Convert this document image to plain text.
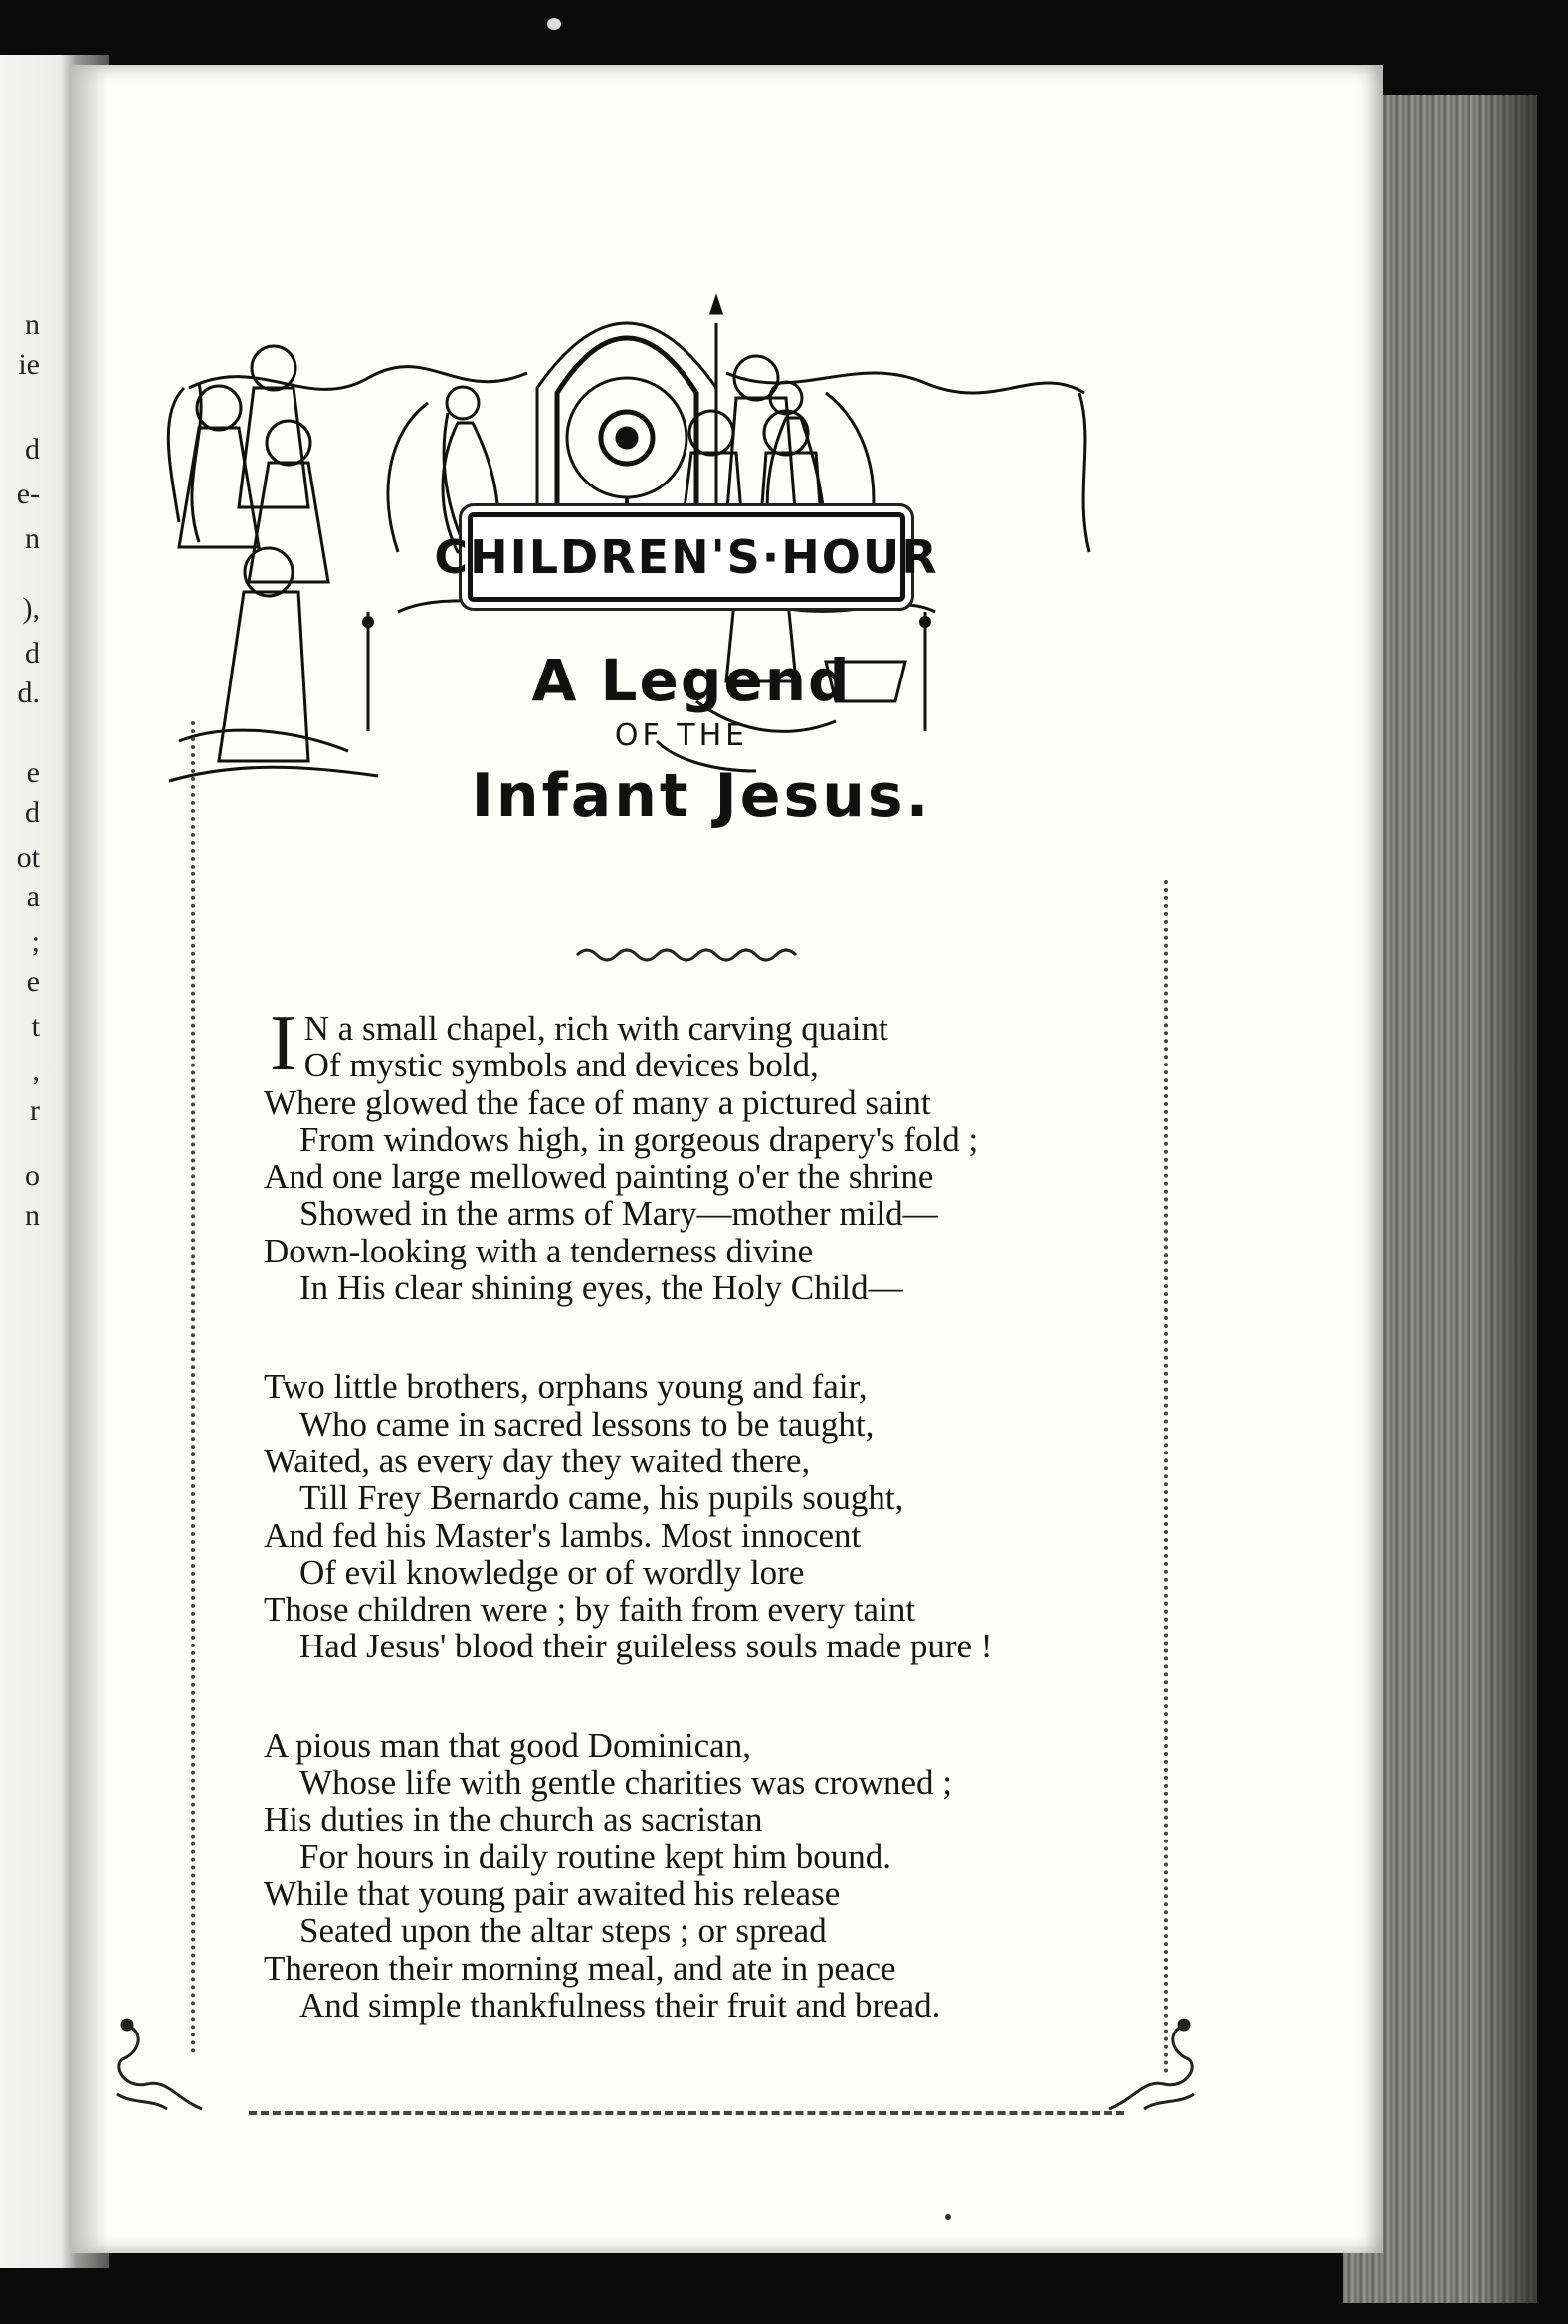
n
ie
d
e-
n
),
d
d.
e
d
ot
a
;
e
t
,
r
o
n
CHILDREN'S·HOUR
A Legend
OF THE
Infant Jesus.
I N a small chapel, rich with carving quaint
Of mystic symbols and devices bold,
Where glowed the face of many a pictured saint
From windows high, in gorgeous drapery's fold ;
And one large mellowed painting o'er the shrine
Showed in the arms of Mary—mother mild—
Down-looking with a tenderness divine
In His clear shining eyes, the Holy Child—
Two little brothers, orphans young and fair,
Who came in sacred lessons to be taught,
Waited, as every day they waited there,
Till Frey Bernardo came, his pupils sought,
And fed his Master's lambs. Most innocent
Of evil knowledge or of wordly lore
Those children were ; by faith from every taint
Had Jesus' blood their guileless souls made pure !
A pious man that good Dominican,
Whose life with gentle charities was crowned ;
His duties in the church as sacristan
For hours in daily routine kept him bound.
While that young pair awaited his release
Seated upon the altar steps ; or spread
Thereon their morning meal, and ate in peace
And simple thankfulness their fruit and bread.
